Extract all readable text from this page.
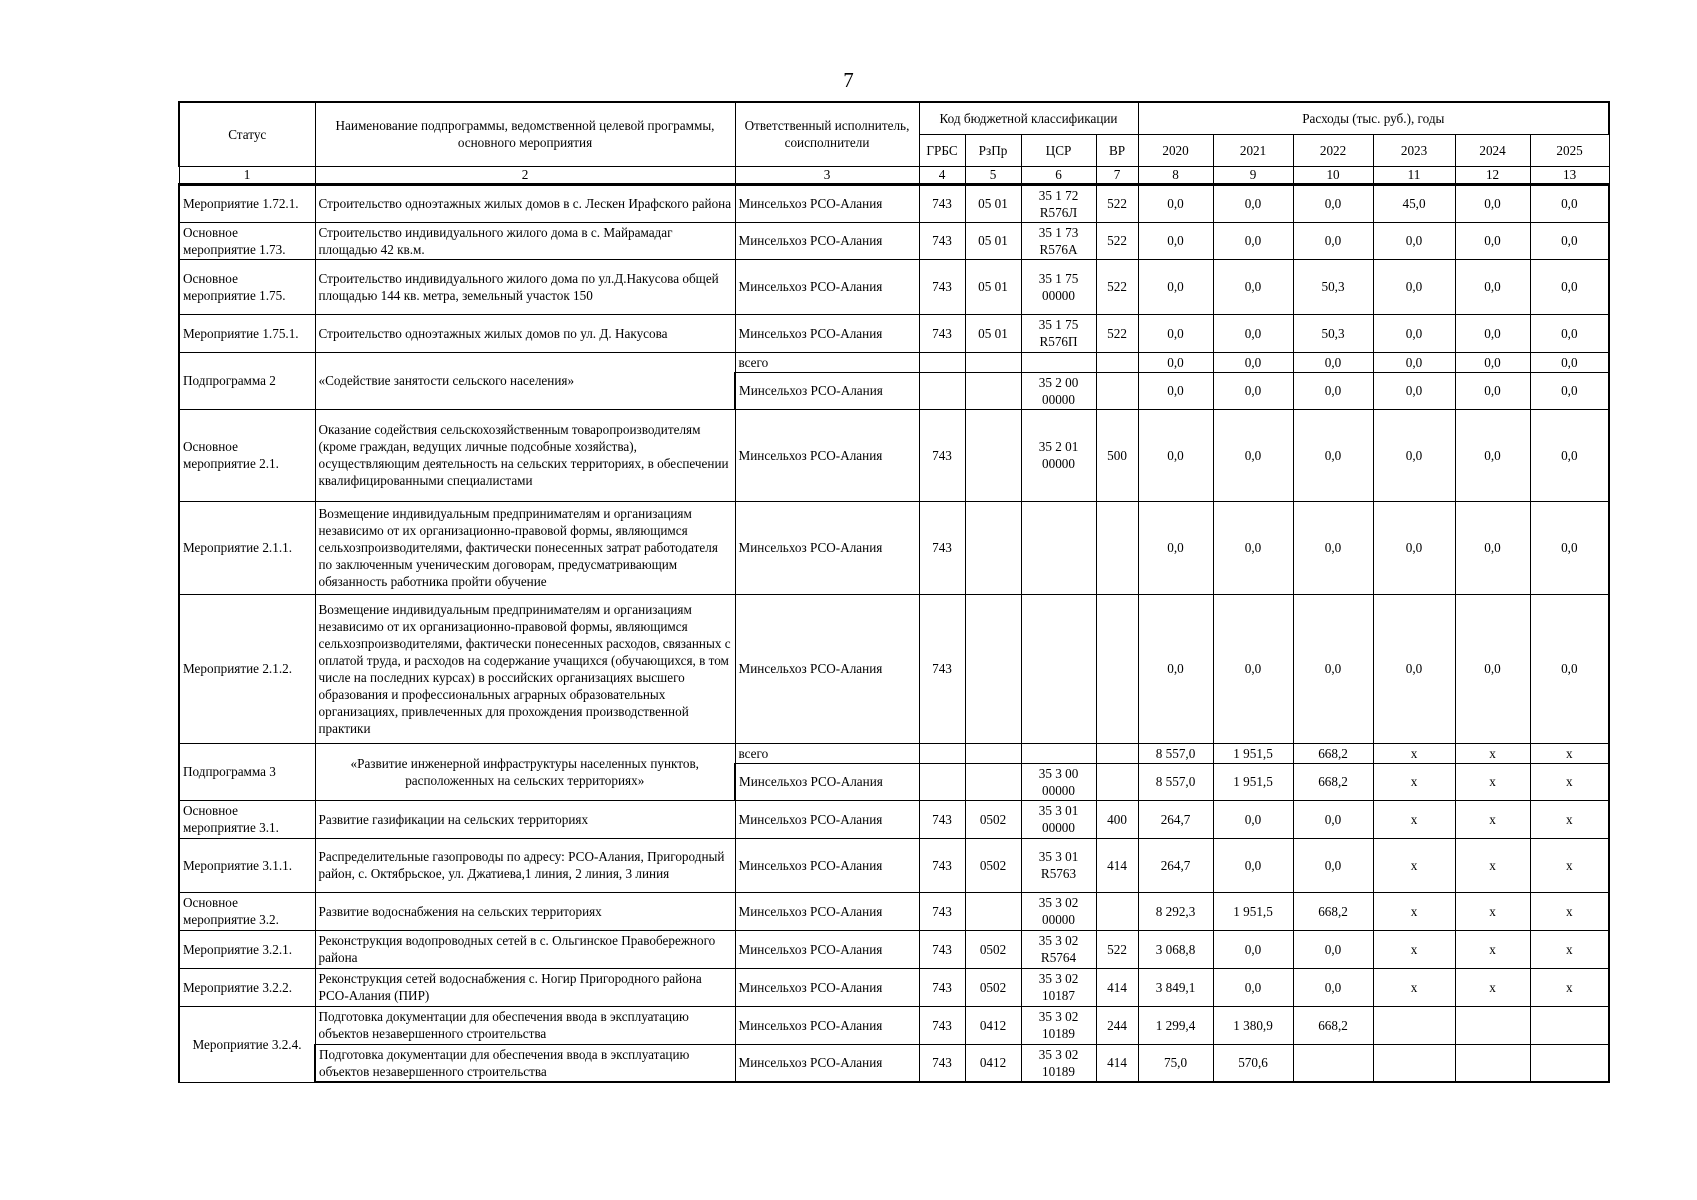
7
Статус	Наименование подпрограммы, ведомственной целевой программы, основного мероприятия	Ответственный исполнитель, соисполнители	Код бюджетной классификации				Расходы (тыс. руб.), годы					
			ГРБС	РзПр	ЦСР	ВР	2020	2021	2022	2023	2024	2025
1	2	3	4	5	6	7	8	9	10	11	12	13
Мероприятие 1.72.1.	Строительство одноэтажных жилых домов в с. Лескен Ирафского района	Минсельхоз РСО-Алания	743	05 01	35 1 72 R576Л	522	0,0	0,0	0,0	45,0	0,0	0,0
Основное мероприятие 1.73.	Строительство индивидуального жилого дома в с. Майрамадаг площадью 42 кв.м.	Минсельхоз РСО-Алания	743	05 01	35 1 73 R576А	522	0,0	0,0	0,0	0,0	0,0	0,0
Основное мероприятие 1.75.	Строительство индивидуального жилого дома по ул.Д.Накусова общей площадью 144 кв. метра, земельный участок 150	Минсельхоз РСО-Алания	743	05 01	35 1 75 00000	522	0,0	0,0	50,3	0,0	0,0	0,0
Мероприятие 1.75.1.	Строительство одноэтажных жилых домов по ул. Д. Накусова	Минсельхоз РСО-Алания	743	05 01	35 1 75 R576П	522	0,0	0,0	50,3	0,0	0,0	0,0
Подпрограмма 2	«Содействие занятости сельского населения»	всего					0,0	0,0	0,0	0,0	0,0	0,0
		Минсельхоз РСО-Алания			35 2 00 00000		0,0	0,0	0,0	0,0	0,0	0,0
Основное мероприятие 2.1.	Оказание содействия сельскохозяйственным товаропроизводителям (кроме граждан, ведущих личные подсобные хозяйства), осуществляющим деятельность на сельских территориях, в обеспечении квалифицированными специалистами	Минсельхоз РСО-Алания	743		35 2 01 00000	500	0,0	0,0	0,0	0,0	0,0	0,0
Мероприятие 2.1.1.	Возмещение индивидуальным предпринимателям и организациям независимо от их организационно-правовой формы, являющимся сельхозпроизводителями, фактически понесенных затрат работодателя по заключенным ученическим договорам, предусматривающим обязанность работника пройти обучение	Минсельхоз РСО-Алания	743				0,0	0,0	0,0	0,0	0,0	0,0
Мероприятие 2.1.2.	Возмещение индивидуальным предпринимателям и организациям независимо от их организационно-правовой формы, являющимся сельхозпроизводителями, фактически понесенных расходов, связанных с оплатой труда, и расходов на содержание учащихся (обучающихся, в том числе на последних курсах) в российских организациях высшего образования и профессиональных аграрных образовательных организациях, привлеченных для прохождения производственной практики	Минсельхоз РСО-Алания	743				0,0	0,0	0,0	0,0	0,0	0,0
Подпрограмма 3	«Развитие инженерной инфраструктуры населенных пунктов, расположенных на сельских территориях»	всего					8 557,0	1 951,5	668,2	x	x	x
		Минсельхоз РСО-Алания			35 3 00 00000		8 557,0	1 951,5	668,2	x	x	x
Основное мероприятие 3.1.	Развитие газификации на сельских территориях	Минсельхоз РСО-Алания	743	0502	35 3 01 00000	400	264,7	0,0	0,0	x	x	x
Мероприятие 3.1.1.	Распределительные газопроводы по адресу: РСО-Алания, Пригородный район, с. Октябрьское, ул. Джатиева,1 линия, 2 линия, 3 линия	Минсельхоз РСО-Алания	743	0502	35 3 01 R5763	414	264,7	0,0	0,0	x	x	x
Основное мероприятие 3.2.	Развитие водоснабжения на сельских территориях	Минсельхоз РСО-Алания	743		35 3 02 00000		8 292,3	1 951,5	668,2	x	x	x
Мероприятие 3.2.1.	Реконструкция водопроводных сетей в с. Ольгинское Правобережного района	Минсельхоз РСО-Алания	743	0502	35 3 02 R5764	522	3 068,8	0,0	0,0	x	x	x
Мероприятие 3.2.2.	Реконструкция сетей водоснабжения с. Ногир Пригородного района РСО-Алания (ПИР)	Минсельхоз РСО-Алания	743	0502	35 3 02 10187	414	3 849,1	0,0	0,0	x	x	x
Мероприятие 3.2.4.	Подготовка документации для обеспечения ввода в эксплуатацию объектов незавершенного строительства	Минсельхоз РСО-Алания	743	0412	35 3 02 10189	244	1 299,4	1 380,9	668,2			
	Подготовка документации для обеспечения ввода в эксплуатацию объектов незавершенного строительства	Минсельхоз РСО-Алания	743	0412	35 3 02 10189	414	75,0	570,6				
